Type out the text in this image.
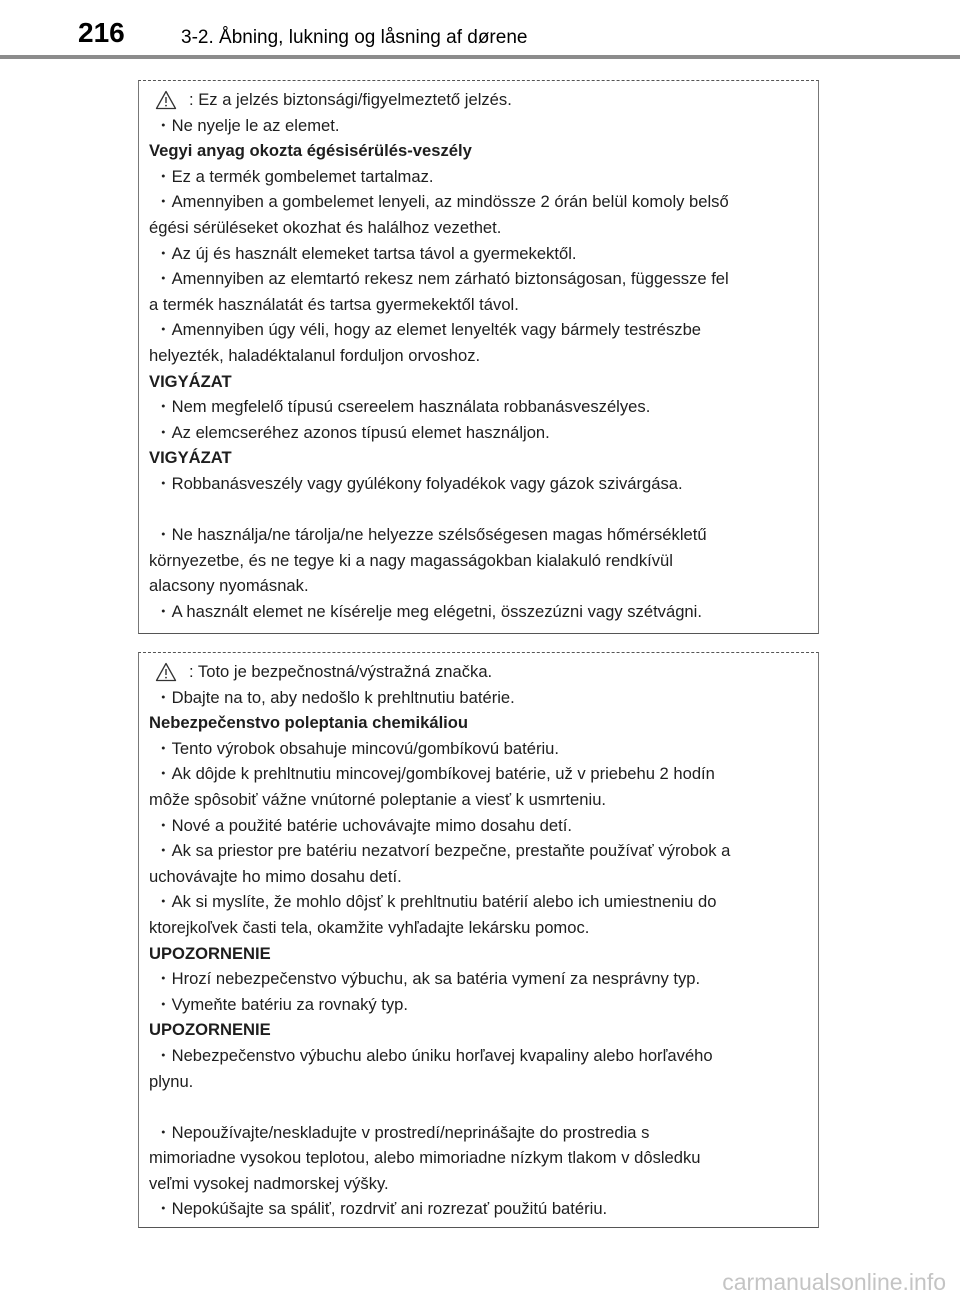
216	3-2. Åbning, lukning og låsning af dørene
: Ez a jelzés biztonsági/figyelmeztető jelzés.
・Ne nyelje le az elemet.
Vegyi anyag okozta égésisérülés-veszély
・Ez a termék gombelemet tartalmaz.
・Amennyiben a gombelemet lenyeli, az mindössze 2 órán belül komoly belső
égési sérüléseket okozhat és halálhoz vezethet.
・Az új és használt elemeket tartsa távol a gyermekektől.
・Amennyiben az elemtartó rekesz nem zárható biztonságosan, függessze fel
a termék használatát és tartsa gyermekektől távol.
・Amennyiben úgy véli, hogy az elemet lenyelték vagy bármely testrészbe
helyezték, haladéktalanul forduljon orvoshoz.
VIGYÁZAT
・Nem megfelelő típusú csereelem használata robbanásveszélyes.
・Az elemcseréhez azonos típusú elemet használjon.
VIGYÁZAT
・Robbanásveszély vagy gyúlékony folyadékok vagy gázok szivárgása.
・Ne használja/ne tárolja/ne helyezze szélsőségesen magas hőmérsékletű
környezetbe, és ne tegye ki a nagy magasságokban kialakuló rendkívül
alacsony nyomásnak.
・A használt elemet ne kísérelje meg elégetni, összezúzni vagy szétvágni.
: Toto je bezpečnostná/výstražná značka.
・Dbajte na to, aby nedošlo k prehltnutiu batérie.
Nebezpečenstvo poleptania chemikáliou
・Tento výrobok obsahuje mincovú/gombíkovú batériu.
・Ak dôjde k prehltnutiu mincovej/gombíkovej batérie, už v priebehu 2 hodín
môže spôsobiť vážne vnútorné poleptanie a viesť k usmrteniu.
・Nové a použité batérie uchovávajte mimo dosahu detí.
・Ak sa priestor pre batériu nezatvorí bezpečne, prestaňte používať výrobok a
uchovávajte ho mimo dosahu detí.
・Ak si myslíte, že mohlo dôjsť k prehltnutiu batérií alebo ich umiestneniu do
ktorejkoľvek časti tela, okamžite vyhľadajte lekársku pomoc.
UPOZORNENIE
・Hrozí nebezpečenstvo výbuchu, ak sa batéria vymení za nesprávny typ.
・Vymeňte batériu za rovnaký typ.
UPOZORNENIE
・Nebezpečenstvo výbuchu alebo úniku horľavej kvapaliny alebo horľavého
plynu.
・Nepoužívajte/neskladujte v prostredí/neprinášajte do prostredia s
mimoriadne vysokou teplotou, alebo mimoriadne nízkym tlakom v dôsledku
veľmi vysokej nadmorskej výšky.
・Nepokúšajte sa spáliť, rozdrviť ani rozrezať použitú batériu.
carmanualsonline.info
